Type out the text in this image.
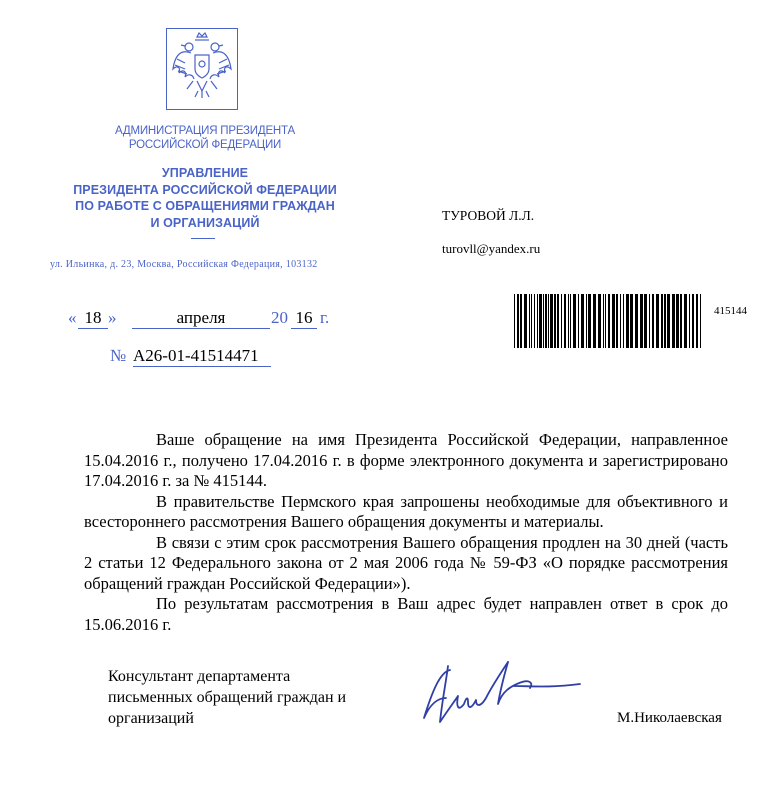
АДМИНИСТРАЦИЯ ПРЕЗИДЕНТА
РОССИЙСКОЙ ФЕДЕРАЦИИ
УПРАВЛЕНИЕ
ПРЕЗИДЕНТА РОССИЙСКОЙ ФЕДЕРАЦИИ
ПО РАБОТЕ С ОБРАЩЕНИЯМИ ГРАЖДАН
И ОРГАНИЗАЦИЙ
ул. Ильинка, д. 23, Москва, Российская Федерация, 103132
ТУРОВОЙ Л.Л.
turovll@yandex.ru
« 18 »	апреля	20 16 г.
№ А26-01-41514471
415144

Ваше обращение на имя Президента Российской Федерации, направленное 15.04.2016 г., получено 17.04.2016 г. в форме электронного документа и зарегистрировано 17.04.2016 г. за № 415144.

В правительстве Пермского края запрошены необходимые для объективного и всестороннего рассмотрения Вашего обращения документы и материалы.

В связи с этим срок рассмотрения Вашего обращения продлен на 30 дней (часть 2 статьи 12 Федерального закона от 2 мая 2006 года № 59-ФЗ «О порядке рассмотрения обращений граждан Российской Федерации»).

По результатам рассмотрения в Ваш адрес будет направлен ответ в срок до 15.06.2016 г.

Консультант департамента
письменных обращений граждан и
организаций	М.Николаевская
